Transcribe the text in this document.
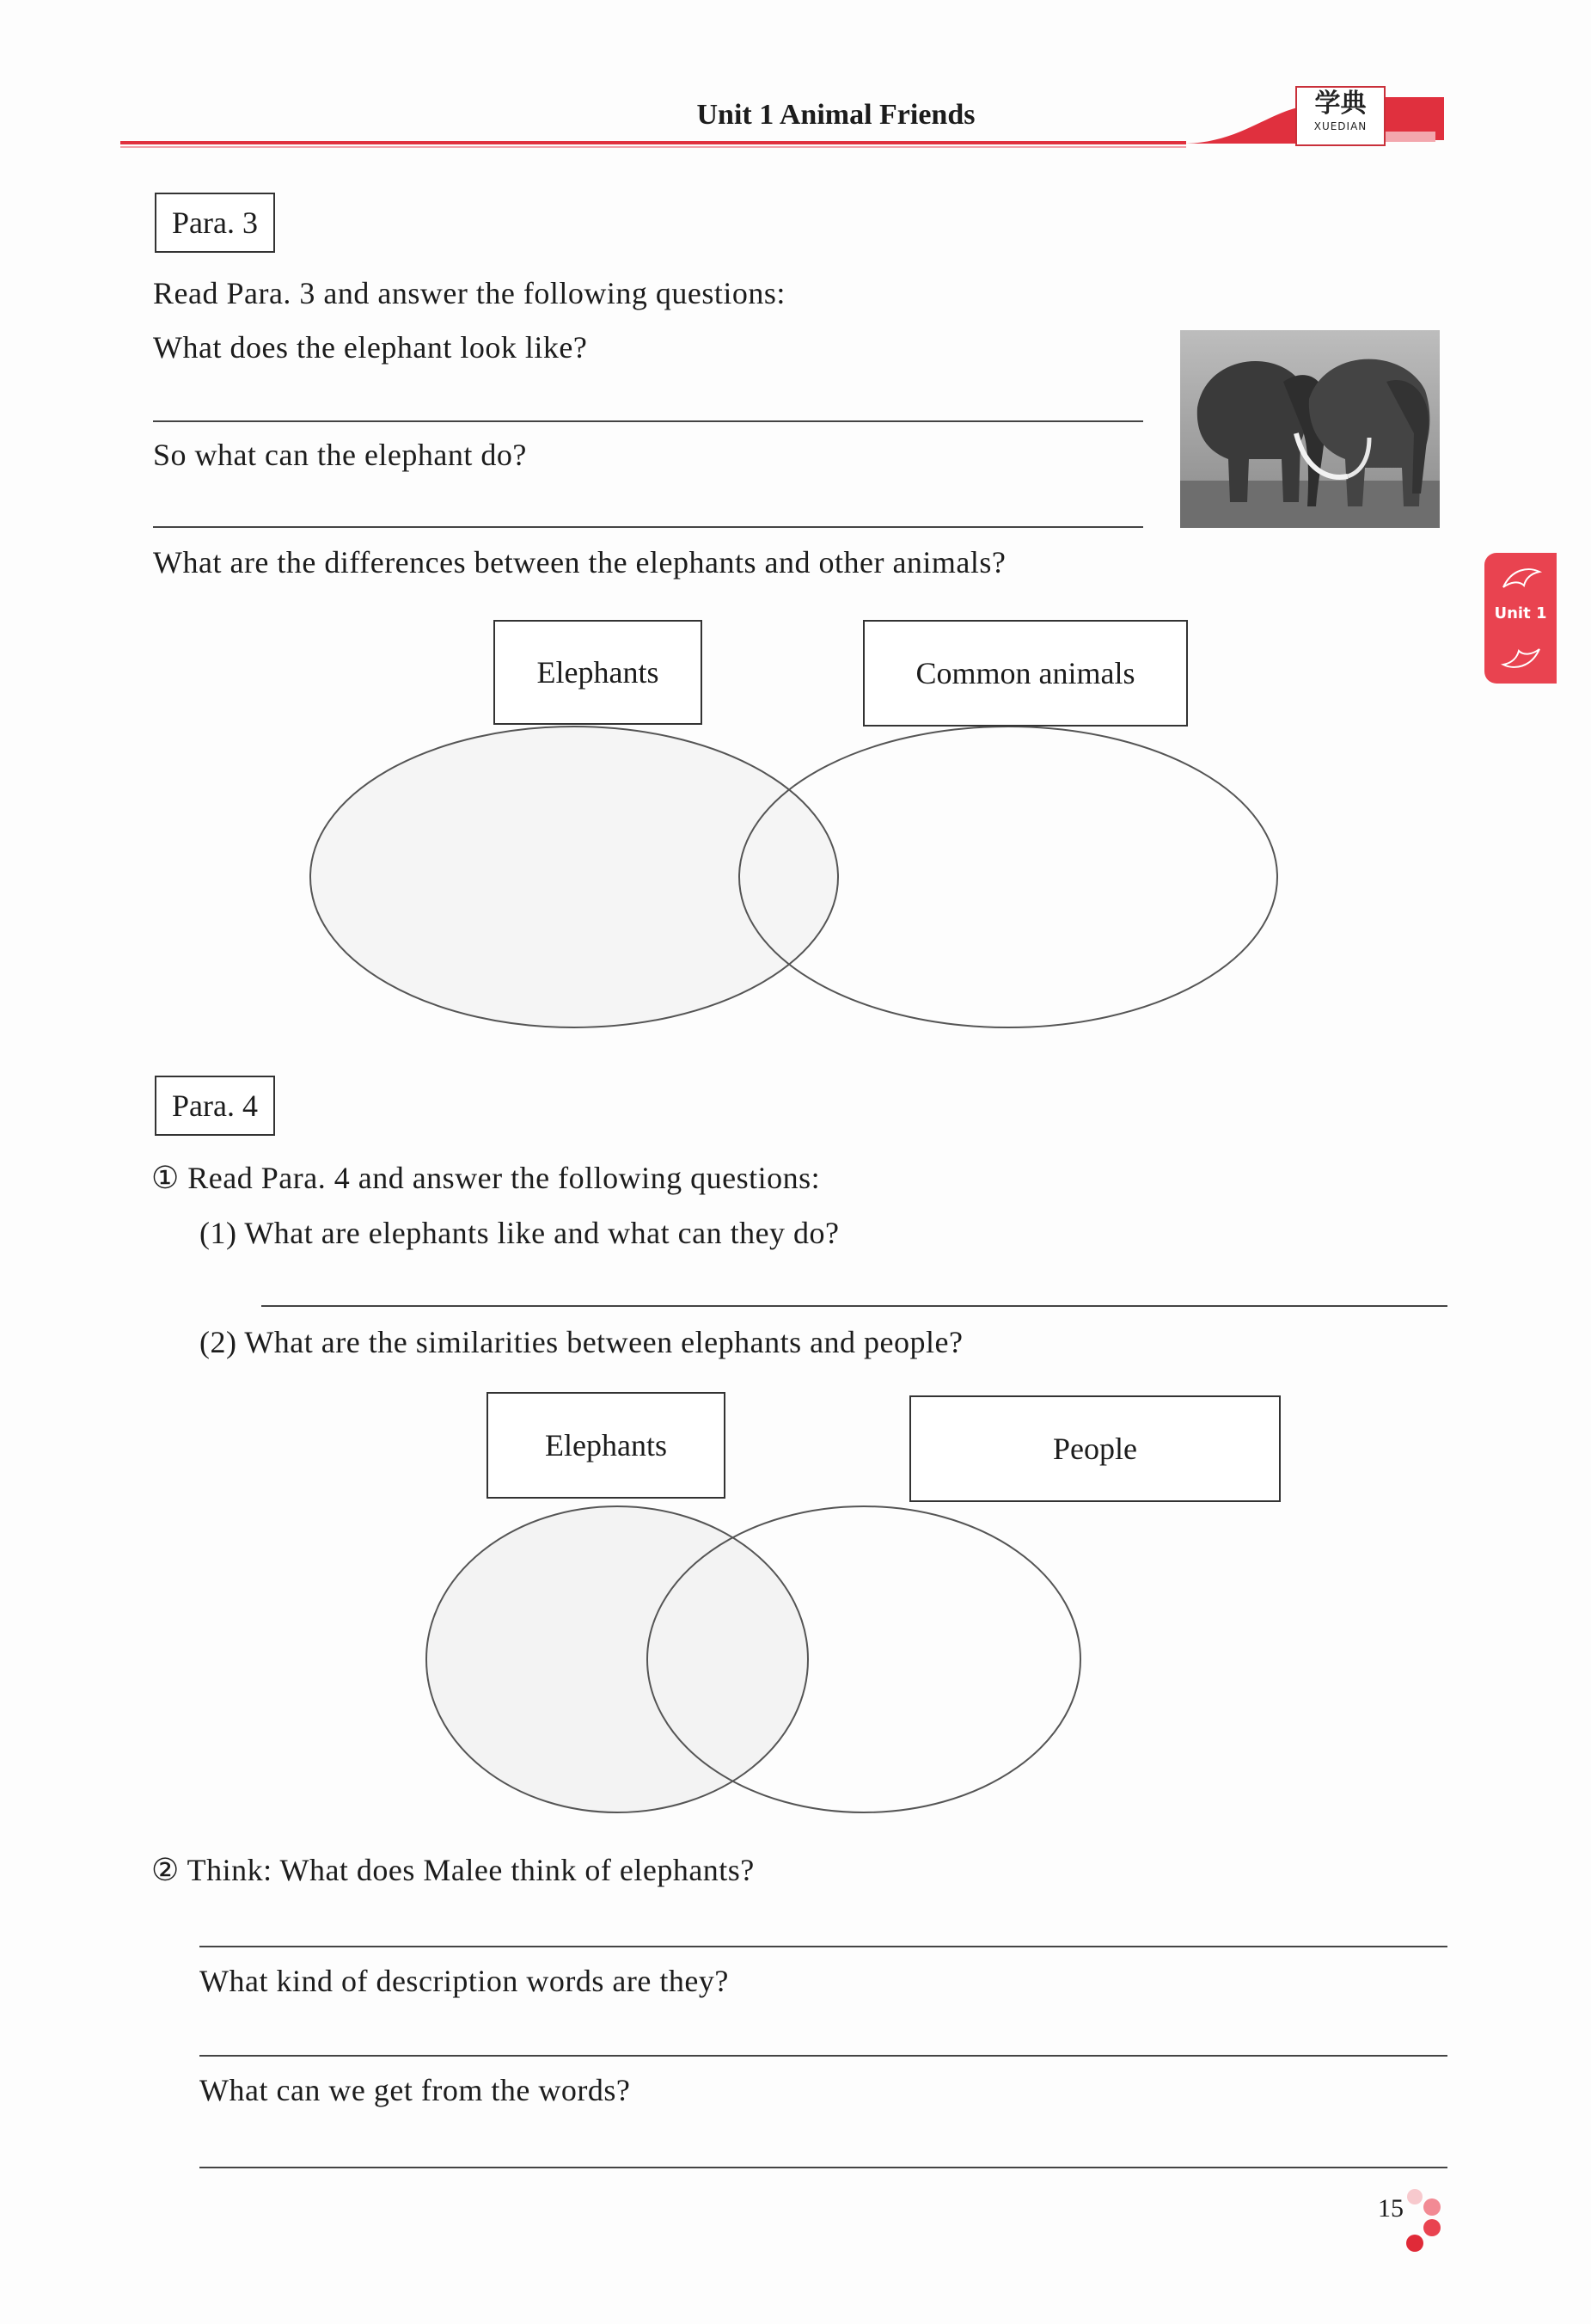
Unit 1 Animal Friends	学典
XUEDIAN
Unit 1
Para. 3
Read Para. 3 and answer the following questions:
What does the elephant look like?
So what can the elephant do?
What are the differences between the elephants and other animals?
Elephants	Common animals
Para. 4
① Read Para. 4 and answer the following questions:
(1) What are elephants like and what can they do?
(2) What are the similarities between elephants and people?
Elephants	People
② Think: What does Malee think of elephants?
What kind of description words are they?
What can we get from the words?
15
